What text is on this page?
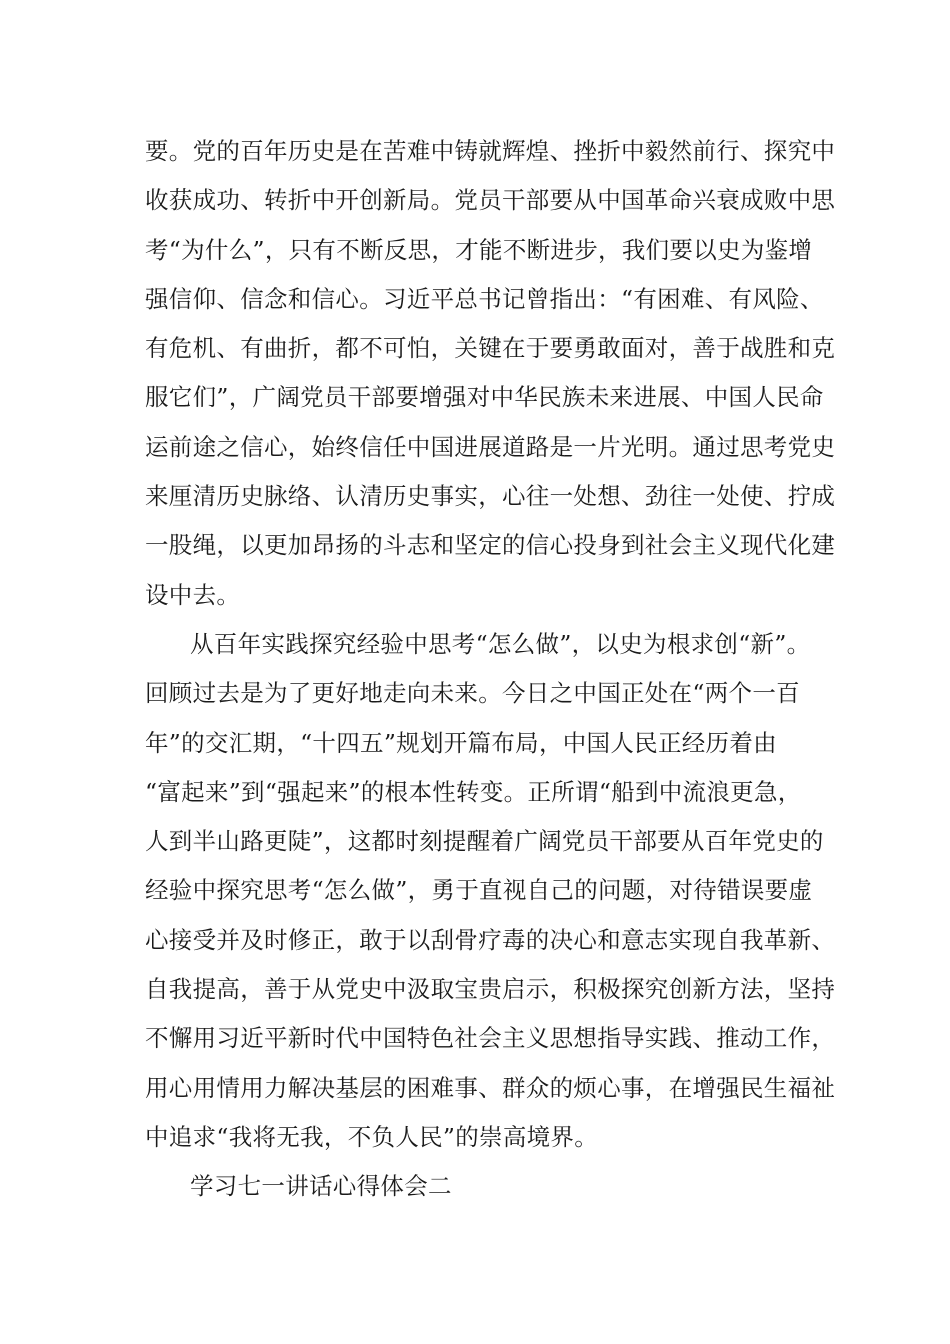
要。党的百年历史是在苦难中铸就辉煌、挫折中毅然前行、探究中
收获成功、转折中开创新局。党员干部要从中国革命兴衰成败中思
考“为什么”，只有不断反思，才能不断进步，我们要以史为鉴增
强信仰、信念和信心。习近平总书记曾指出：“有困难、有风险、
有危机、有曲折，都不可怕，关键在于要勇敢面对，善于战胜和克
服它们”，广阔党员干部要增强对中华民族未来进展、中国人民命
运前途之信心，始终信任中国进展道路是一片光明。通过思考党史
来厘清历史脉络、认清历史事实，心往一处想、劲往一处使、拧成
一股绳，以更加昂扬的斗志和坚定的信心投身到社会主义现代化建
设中去。
从百年实践探究经验中思考“怎么做”，以史为根求创“新”。
回顾过去是为了更好地走向未来。今日之中国正处在“两个一百
年”的交汇期，“十四五”规划开篇布局，中国人民正经历着由
“富起来”到“强起来”的根本性转变。正所谓“船到中流浪更急，
人到半山路更陡”，这都时刻提醒着广阔党员干部要从百年党史的
经验中探究思考“怎么做”，勇于直视自己的问题，对待错误要虚
心接受并及时修正，敢于以刮骨疗毒的决心和意志实现自我革新、
自我提高，善于从党史中汲取宝贵启示，积极探究创新方法，坚持
不懈用习近平新时代中国特色社会主义思想指导实践、推动工作，
用心用情用力解决基层的困难事、群众的烦心事，在增强民生福祉
中追求“我将无我，不负人民”的崇高境界。
学习七一讲话心得体会二
